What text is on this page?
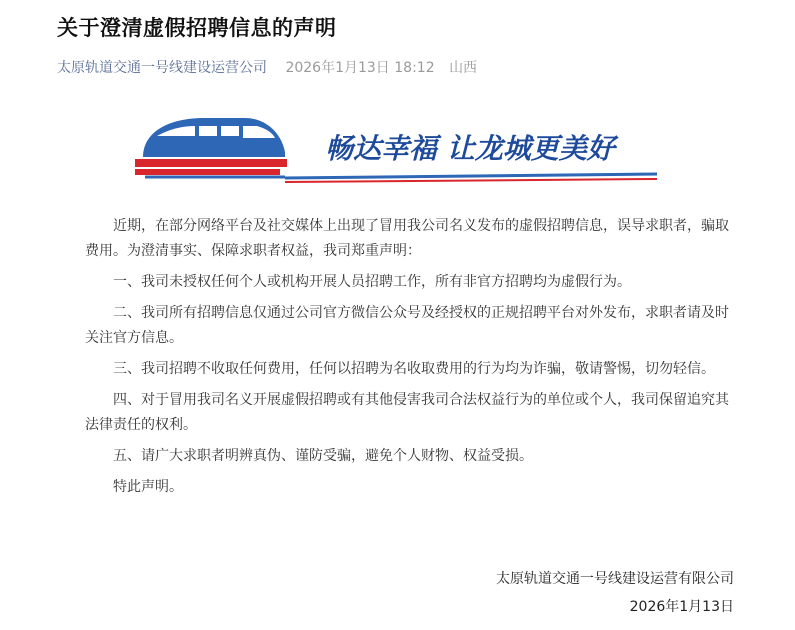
关于澄清虚假招聘信息的声明
太原轨道交通一号线建设运营公司 2026年1月13日 18:12 山西
畅达幸福 让龙城更美好

近期，在部分网络平台及社交媒体上出现了冒用我公司名义发布的虚假招聘信息，误导求职者，骗取费用。为澄清事实、保障求职者权益，我司郑重声明：

一、我司未授权任何个人或机构开展人员招聘工作，所有非官方招聘均为虚假行为。

二、我司所有招聘信息仅通过公司官方微信公众号及经授权的正规招聘平台对外发布，求职者请及时关注官方信息。

三、我司招聘不收取任何费用，任何以招聘为名收取费用的行为均为诈骗，敬请警惕，切勿轻信。

四、对于冒用我司名义开展虚假招聘或有其他侵害我司合法权益行为的单位或个人，我司保留追究其法律责任的权利。

五、请广大求职者明辨真伪、谨防受骗，避免个人财物、权益受损。

特此声明。

太原轨道交通一号线建设运营有限公司
2026年1月13日
